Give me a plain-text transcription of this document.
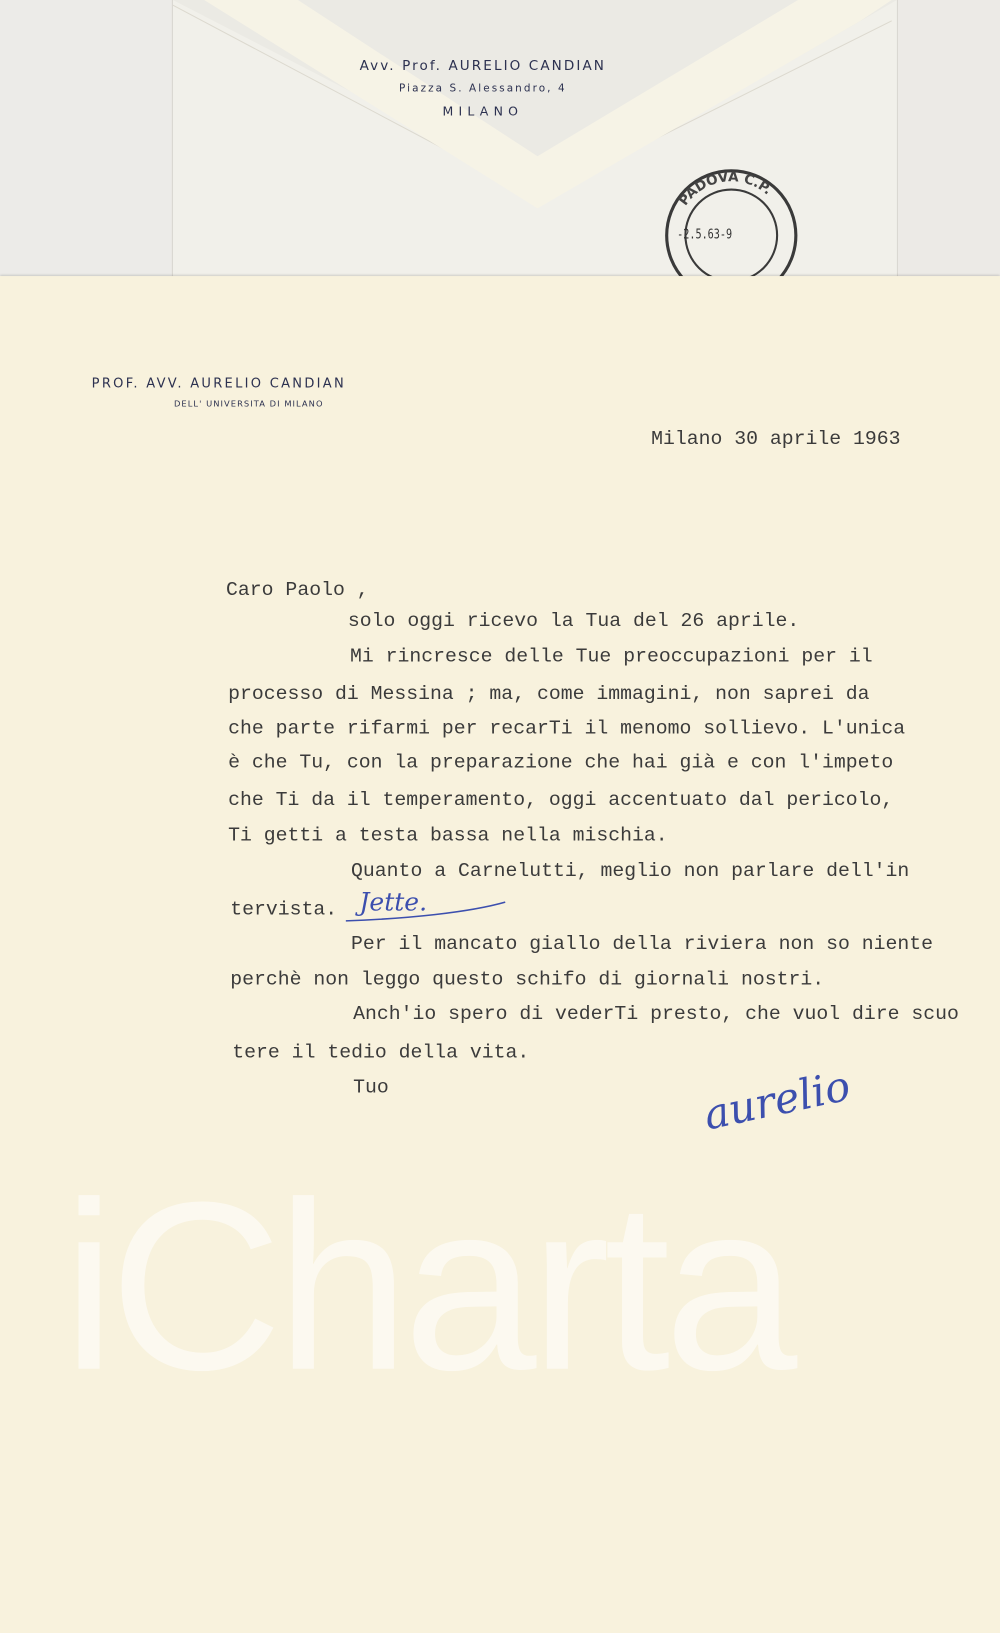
Avv. Prof. AURELIO CANDIAN
Piazza S. Alessandro, 4
MILANO
PADOVA C.P.
-2.5.63-9
iCharta
PROF. AVV. AURELIO CANDIAN
DELL' UNIVERSITA DI MILANO
Milano 30 aprile 1963
Caro Paolo ,
solo oggi ricevo la Tua del 26 aprile.
Mi rincresce delle Tue preoccupazioni per il
processo di Messina ; ma, come immagini, non saprei da
che parte rifarmi per recarTi il menomo sollievo. L'unica
è che Tu, con la preparazione che hai già e con l'impeto
che Ti da il temperamento, oggi accentuato dal pericolo,
Ti getti a testa bassa nella mischia.
Quanto a Carnelutti, meglio non parlare dell'in
tervista. Jette.
Per il mancato giallo della riviera non so niente
perchè non leggo questo schifo di giornali nostri.
Anch'io spero di vederTi presto, che vuol dire scuo
tere il tedio della vita.
Tuo	aurelio
